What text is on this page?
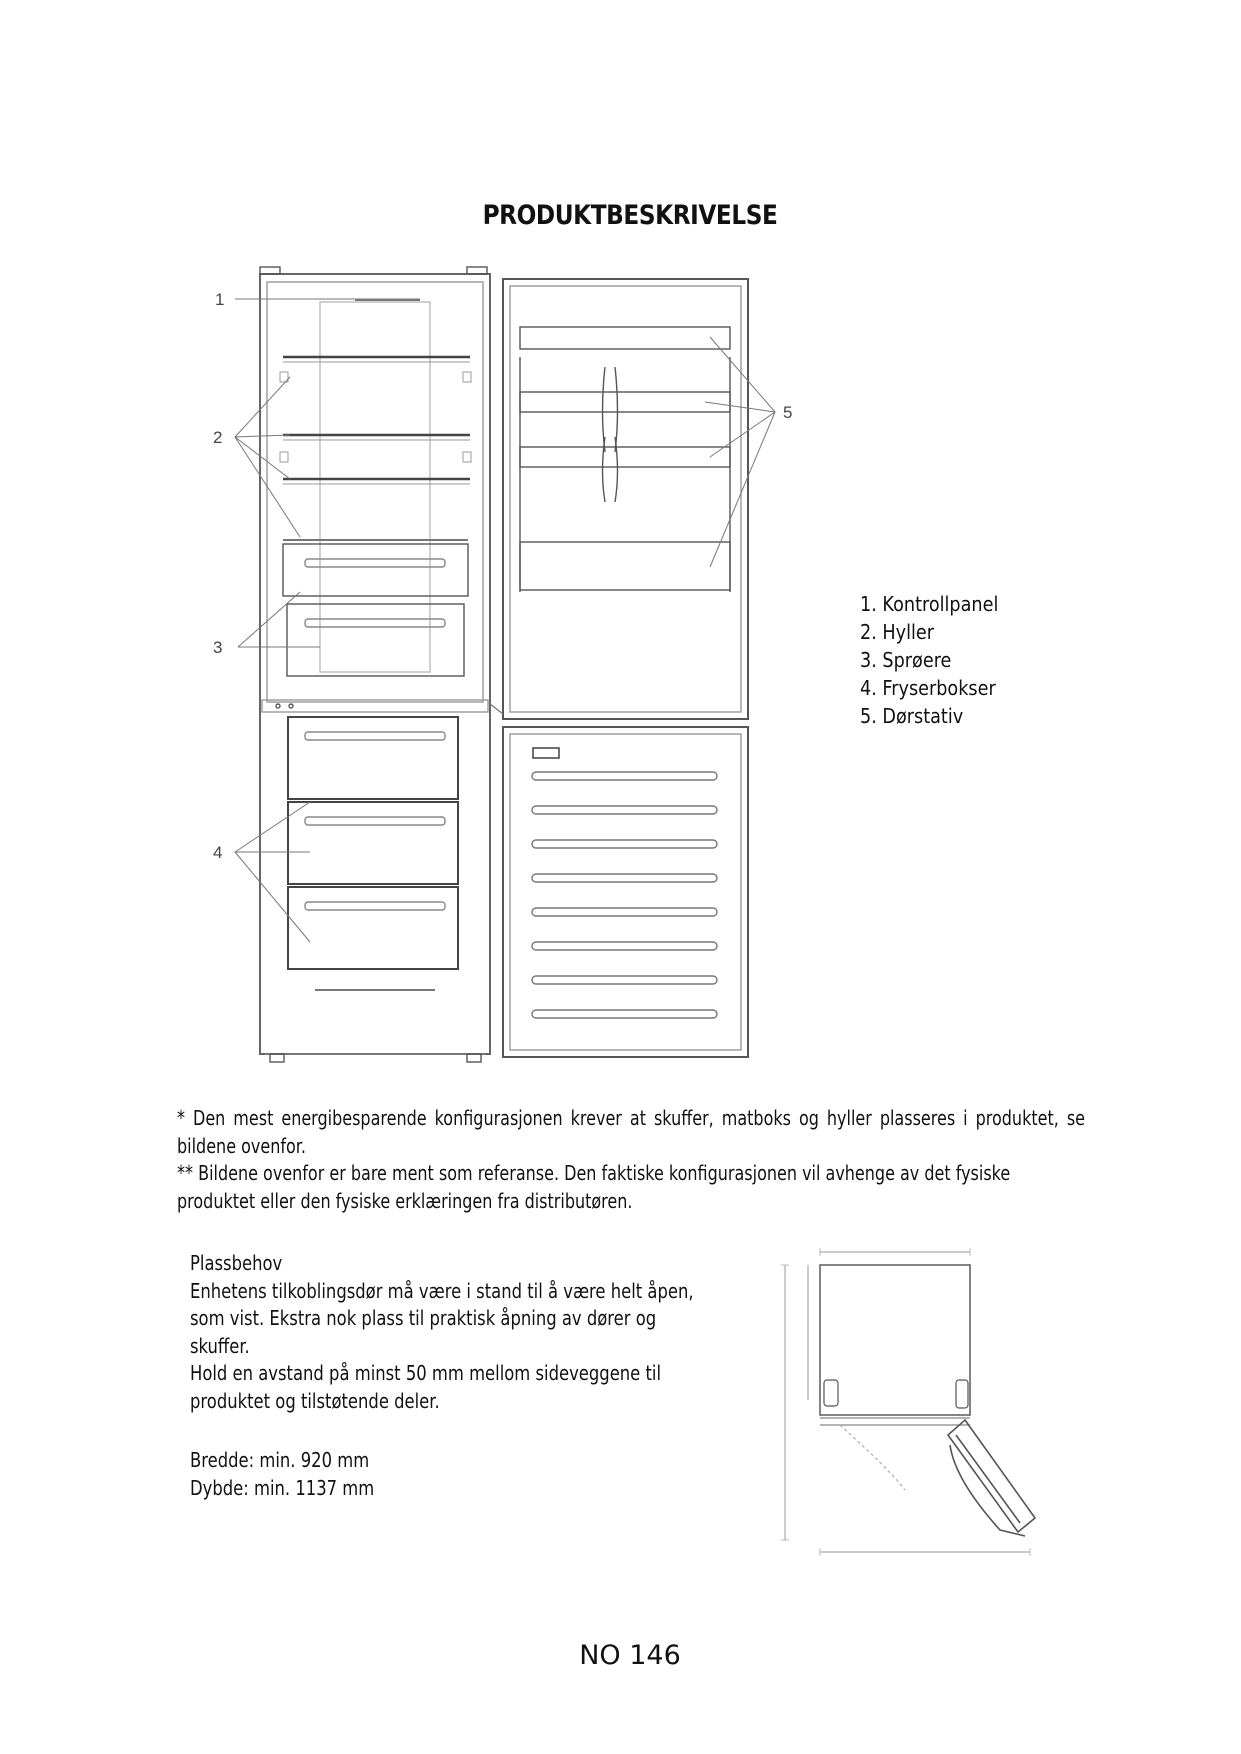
PRODUKTBESKRIVELSE
1
2
3
4
5
1. Kontrollpanel
2. Hyller
3. Sprøere
4. Fryserbokser
5. Dørstativ

* Den mest energibesparende konfigurasjonen krever at skuffer, matboks og hyller plasseres i produktet, se bildene ovenfor.

** Bildene ovenfor er bare ment som referanse. Den faktiske konfigurasjonen vil avhenge av det fysiske produktet eller den fysiske erklæringen fra distributøren.

Plassbehov

Enhetens tilkoblingsdør må være i stand til å være helt åpen, som vist. Ekstra nok plass til praktisk åpning av dører og skuffer.

Hold en avstand på minst 50 mm mellom sideveggene til produktet og tilstøtende deler.

Bredde: min. 920 mm

Dybde: min. 1137 mm

NO 146
